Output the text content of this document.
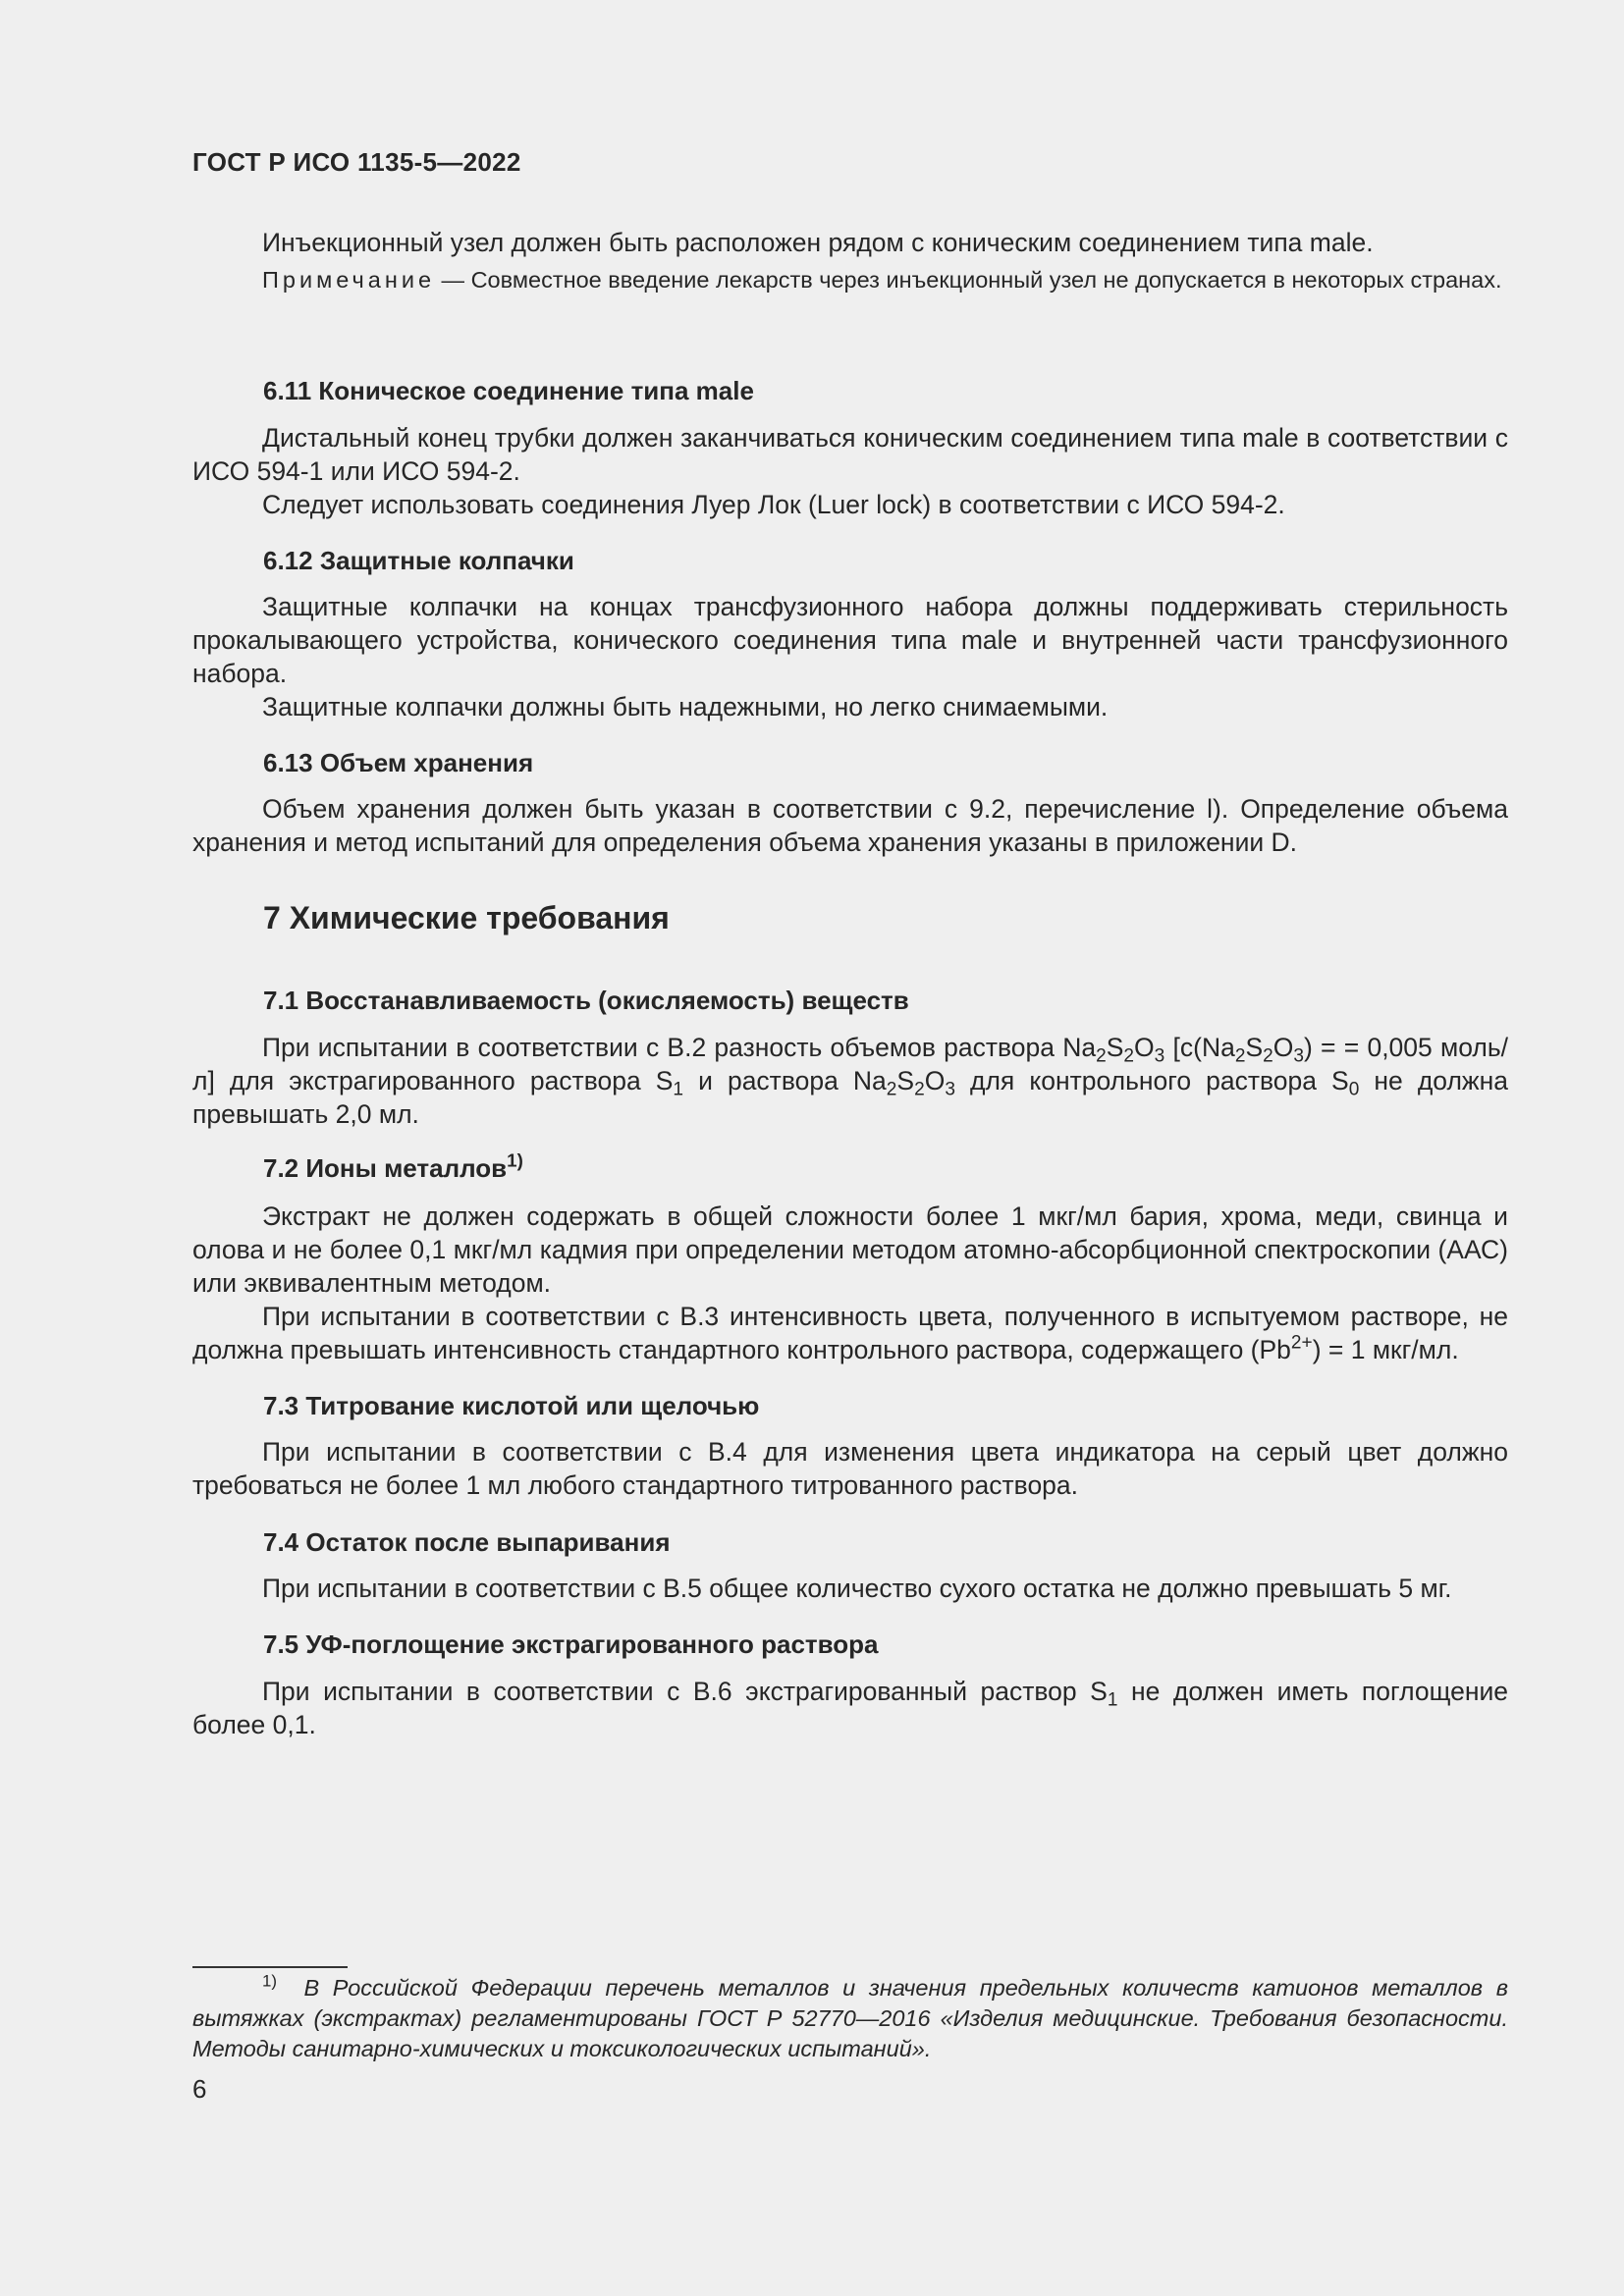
ГОСТ Р ИСО 1135-5—2022

Инъекционный узел должен быть расположен рядом с коническим соединением типа male.

Примечание — Совместное введение лекарств через инъекционный узел не допускается в некоторых странах.

6.11 Коническое соединение типа male

Дистальный конец трубки должен заканчиваться коническим соединением типа male в соответствии с ИСО 594-1 или ИСО 594-2.

Следует использовать соединения Луер Лок (Luer lock) в соответствии с ИСО 594-2.

6.12 Защитные колпачки

Защитные колпачки на концах трансфузионного набора должны поддерживать стерильность прокалывающего устройства, конического соединения типа male и внутренней части трансфузионного набора.

Защитные колпачки должны быть надежными, но легко снимаемыми.

6.13 Объем хранения

Объем хранения должен быть указан в соответствии с 9.2, перечисление l). Определение объема хранения и метод испытаний для определения объема хранения указаны в приложении D.

7 Химические требования
7.1 Восстанавливаемость (окисляемость) веществ

При испытании в соответствии с В.2 разность объемов раствора $Na_2S_2O_3$ [$c(Na_2S_2O_3)$ = = 0,005 моль/л] для экстрагированного раствора $S_1$ и раствора $Na_2S_2O_3$ для контрольного раствора $S_0$ не должна превышать 2,0 мл.

7.2 Ионы металлов$^{1)}$

Экстракт не должен содержать в общей сложности более 1 мкг/мл бария, хрома, меди, свинца и олова и не более 0,1 мкг/мл кадмия при определении методом атомно-абсорбционной спектроскопии (ААС) или эквивалентным методом.

При испытании в соответствии с В.3 интенсивность цвета, полученного в испытуемом растворе, не должна превышать интенсивность стандартного контрольного раствора, содержащего $(Pb^{2+}) = 1$ мкг/мл.

7.3 Титрование кислотой или щелочью

При испытании в соответствии с В.4 для изменения цвета индикатора на серый цвет должно требоваться не более 1 мл любого стандартного титрованного раствора.

7.4 Остаток после выпаривания

При испытании в соответствии с В.5 общее количество сухого остатка не должно превышать 5 мг.

7.5 УФ-поглощение экстрагированного раствора

При испытании в соответствии с В.6 экстрагированный раствор $S_1$ не должен иметь поглощение более 0,1.

$^{1)}$ В Российской Федерации перечень металлов и значения предельных количеств катионов металлов в вытяжках (экстрактах) регламентированы ГОСТ Р 52770—2016 «Изделия медицинские. Требования безопасности. Методы санитарно-химических и токсикологических испытаний».
6
